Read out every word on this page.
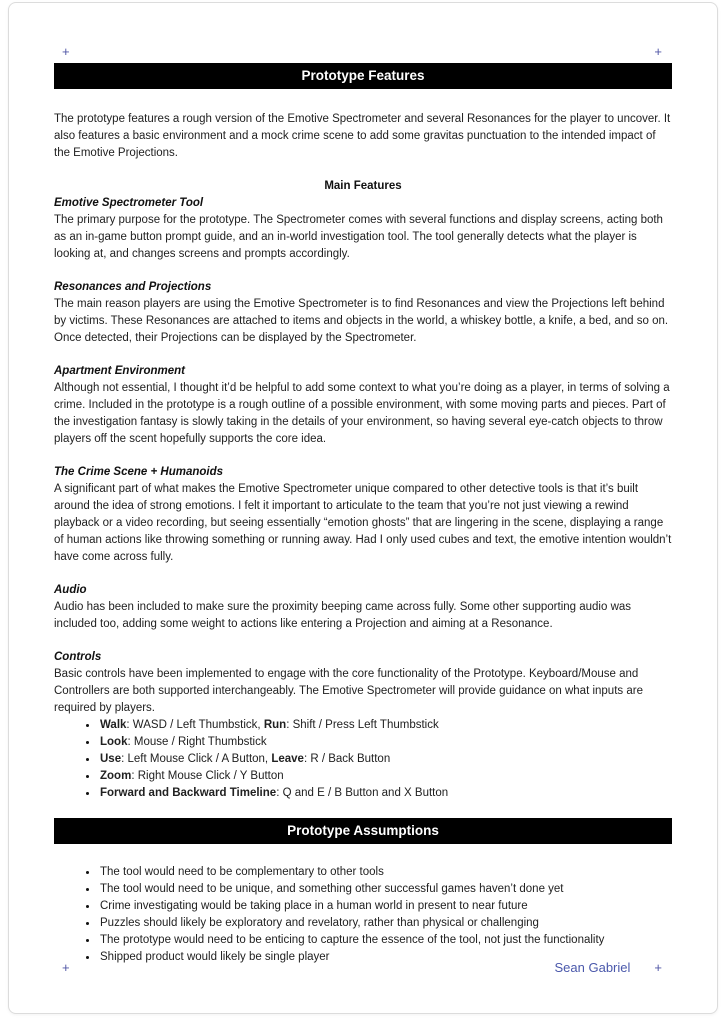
+	+
Prototype Features

The prototype features a rough version of the Emotive Spectrometer and several Resonances for the player to uncover. It also features a basic environment and a mock crime scene to add some gravitas punctuation to the intended impact of the Emotive Projections.

Main Features
Emotive Spectrometer Tool

The primary purpose for the prototype. The Spectrometer comes with several functions and display screens, acting both as an in-game button prompt guide, and an in-world investigation tool. The tool generally detects what the player is looking at, and changes screens and prompts accordingly.

Resonances and Projections

The main reason players are using the Emotive Spectrometer is to find Resonances and view the Projections left behind by victims. These Resonances are attached to items and objects in the world, a whiskey bottle, a knife, a bed, and so on. Once detected, their Projections can be displayed by the Spectrometer.

Apartment Environment

Although not essential, I thought it’d be helpful to add some context to what you’re doing as a player, in terms of solving a crime. Included in the prototype is a rough outline of a possible environment, with some moving parts and pieces. Part of the investigation fantasy is slowly taking in the details of your environment, so having several eye-catch objects to throw players off the scent hopefully supports the core idea.

The Crime Scene + Humanoids

A significant part of what makes the Emotive Spectrometer unique compared to other detective tools is that it’s built around the idea of strong emotions. I felt it important to articulate to the team that you’re not just viewing a rewind playback or a video recording, but seeing essentially “emotion ghosts” that are lingering in the scene, displaying a range of human actions like throwing something or running away. Had I only used cubes and text, the emotive intention wouldn’t have come across fully.

Audio

Audio has been included to make sure the proximity beeping came across fully. Some other supporting audio was included too, adding some weight to actions like entering a Projection and aiming at a Resonance.

Controls

Basic controls have been implemented to engage with the core functionality of the Prototype. Keyboard/Mouse and Controllers are both supported interchangeably. The Emotive Spectrometer will provide guidance on what inputs are required by players.

• Walk: WASD / Left Thumbstick, Run: Shift / Press Left Thumbstick
• Look: Mouse / Right Thumbstick
• Use: Left Mouse Click / A Button, Leave: R / Back Button
• Zoom: Right Mouse Click / Y Button
• Forward and Backward Timeline: Q and E / B Button and X Button
Prototype Assumptions
• The tool would need to be complementary to other tools
• The tool would need to be unique, and something other successful games haven’t done yet
• Crime investigating would be taking place in a human world in present to near future
• Puzzles should likely be exploratory and revelatory, rather than physical or challenging
• The prototype would need to be enticing to capture the essence of the tool, not just the functionality
• Shipped product would likely be single player
+	Sean Gabriel +
